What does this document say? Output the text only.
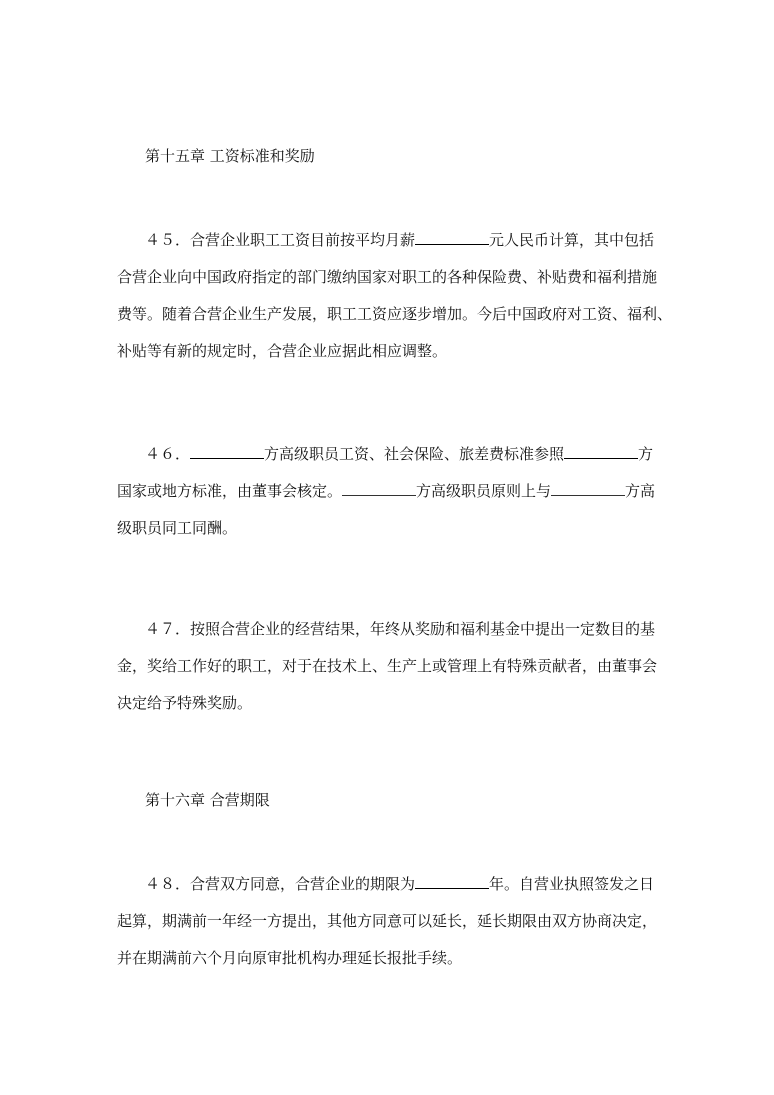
第十五章 工资标准和奖励
４５．合营企业职工工资目前按平均月薪	元人民币计算，其中包括
合营企业向中国政府指定的部门缴纳国家对职工的各种保险费、补贴费和福利措施
费等。随着合营企业生产发展，职工工资应逐步增加。今后中国政府对工资、福利、
补贴等有新的规定时，合营企业应据此相应调整。
４６．	方高级职员工资、社会保险、旅差费标准参照	方
国家或地方标准，由董事会核定。	方高级职员原则上与	方高
级职员同工同酬。
４７．按照合营企业的经营结果，年终从奖励和福利基金中提出一定数目的基
金，奖给工作好的职工，对于在技术上、生产上或管理上有特殊贡献者，由董事会
决定给予特殊奖励。
第十六章 合营期限
４８．合营双方同意，合营企业的期限为	年。自营业执照签发之日
起算，期满前一年经一方提出，其他方同意可以延长，延长期限由双方协商决定，
并在期满前六个月向原审批机构办理延长报批手续。
